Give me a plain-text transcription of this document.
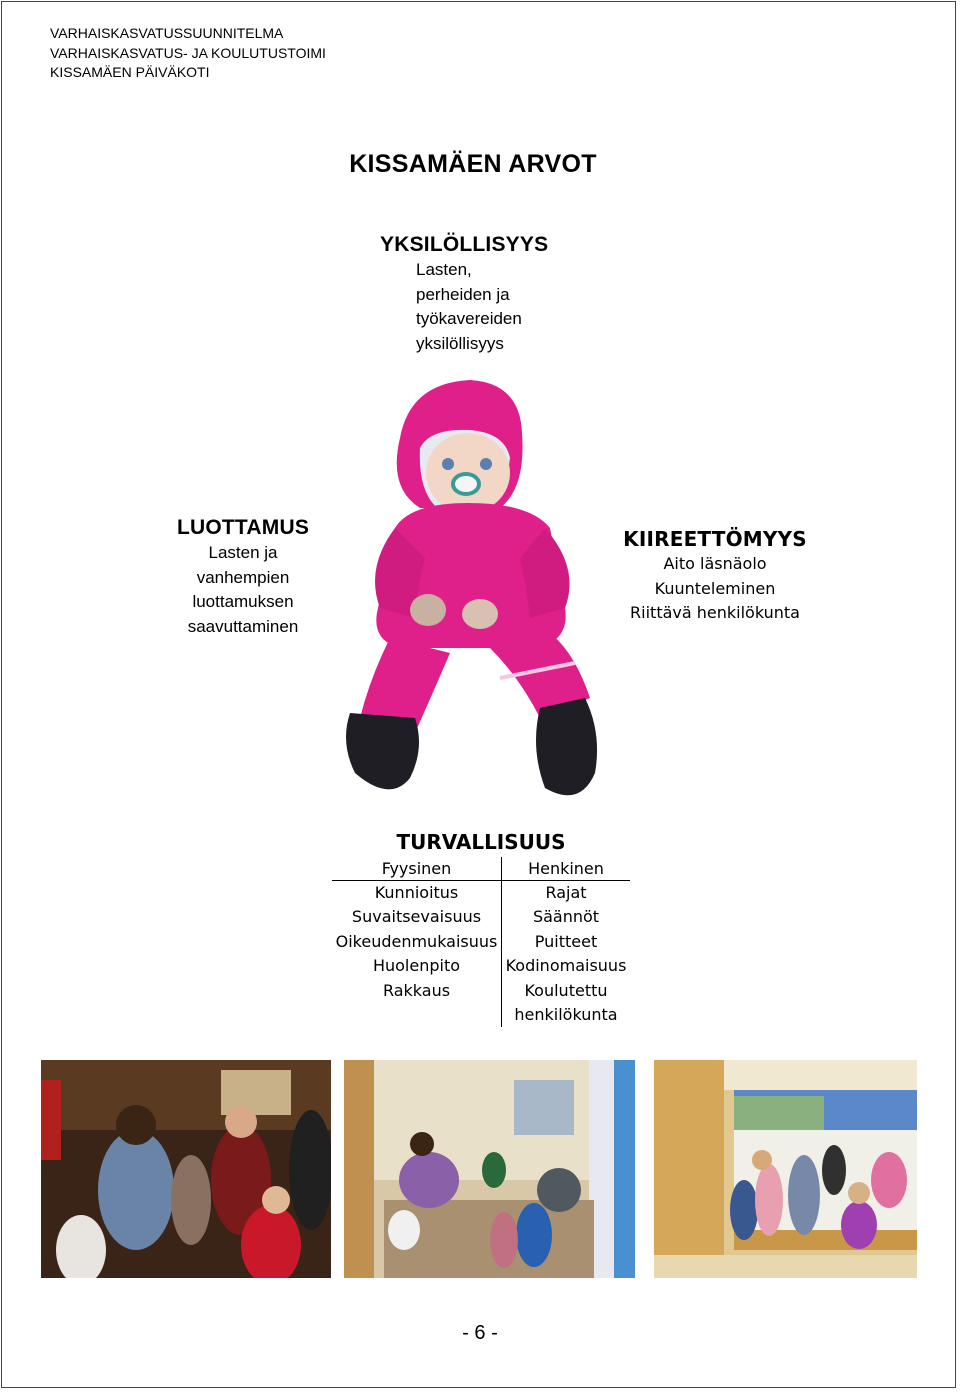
VARHAISKASVATUSSUUNNITELMA
VARHAISKASVATUS- JA KOULUTUSTOIMI
KISSAMÄEN PÄIVÄKOTI
KISSAMÄEN ARVOT
YKSILÖLLISYYS
Lasten,
perheiden ja
työkavereiden
yksilöllisyys
LUOTTAMUS
Lasten ja
vanhempien
luottamuksen
saavuttaminen
KIIREETTÖMYYS
Aito läsnäolo
Kuunteleminen
Riittävä henkilökunta
TURVALLISUUS
Fyysinen	Henkinen
Kunnioitus	Rajat
Suvaitsevaisuus	Säännöt
Oikeudenmukaisuus	Puitteet
Huolenpito	Kodinomaisuus
Rakkaus	Koulutettu

henkilökunta
- 6 -
